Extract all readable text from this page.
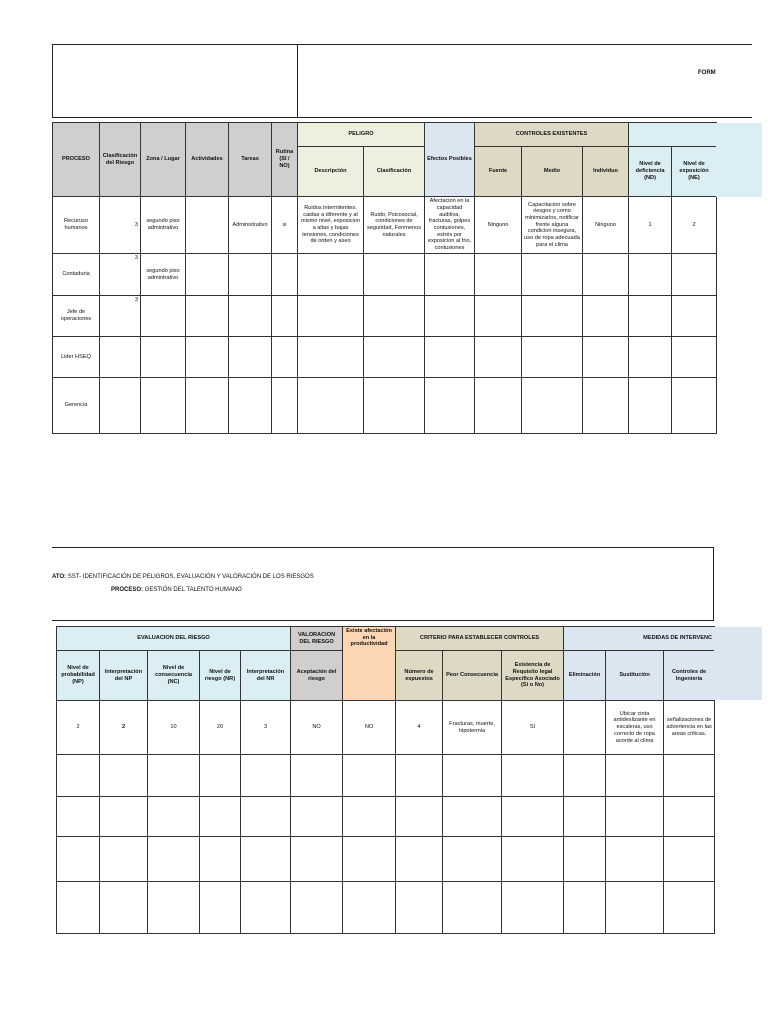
FORM
PROCESO	Clasificación del Riesgo	Zona / Lugar	Actividades	Tareas	Rutina (SI / NO)	PELIGRO		Efectos Posibles	CONTROLES EXISTENTES				
						Descripción	Clasificación		Fuente	Medio	Individuo	Nivel de deficiencia (ND)	Nivel de exposición (NE)
Recuruso humanos	3	segundo piso admintrativo		Administrativo	si	Ruidos intermitentes, caidas a diferente y al mismo nivel, exposicion a altas y bajas tensiones, condiciones de orden y aseo	Ruido, Psicosocial, condiciones de seguridad, Fenmenos naturales	Afectacion en la capacidad auditiva, fracturas, golpes contusiones, estrés por exposicion al frio, contusiones	Ninguno	Capacitacion sobre riesgos y como minimizarlos, notificar frente alguna condicion insegura, uso de ropa adecuada para el clima	Ninguno	1	2
Contaduria	3	segundo piso admintrativo											
Jefe de operaciones	3												
Lider HSEQ													
Gerencia													
ATO: SST- IDENTIFICACIÓN DE PELIGROS, EVALUACIÓN Y VALORACIÓN DE LOS RIESGOS
PROCESO: GESTIÓN DEL TALENTO HUMANO
EVALUACION DEL RIESGO					VALORACION DEL RIESGO	Existe afectación en la productividad	CRITERIO PARA ESTABLECER CONTROLES			MEDIDAS DE INTERVENC		
Nivel de probabilidad (NP)	Interpretación del NP	Nivel de consecuencia (NC)	Nivel de riesgo (NR)	Interpretación del NR	Aceptación del riesgo		Número de expuestos	Peor Consecuencia	Existencia de Requisito legal Específico Asociado (Si o No)	Eliminación	Sustitución	Controles de Ingeniería
2	2	10	20	3	NO	NO	4	Fracturas, muerte, hipotermia	SI		Ubicar cinta antideslizante en escaleras, uso correcto de ropa acorde al clima	señalizaciones de advertencia en las areas criticas.
